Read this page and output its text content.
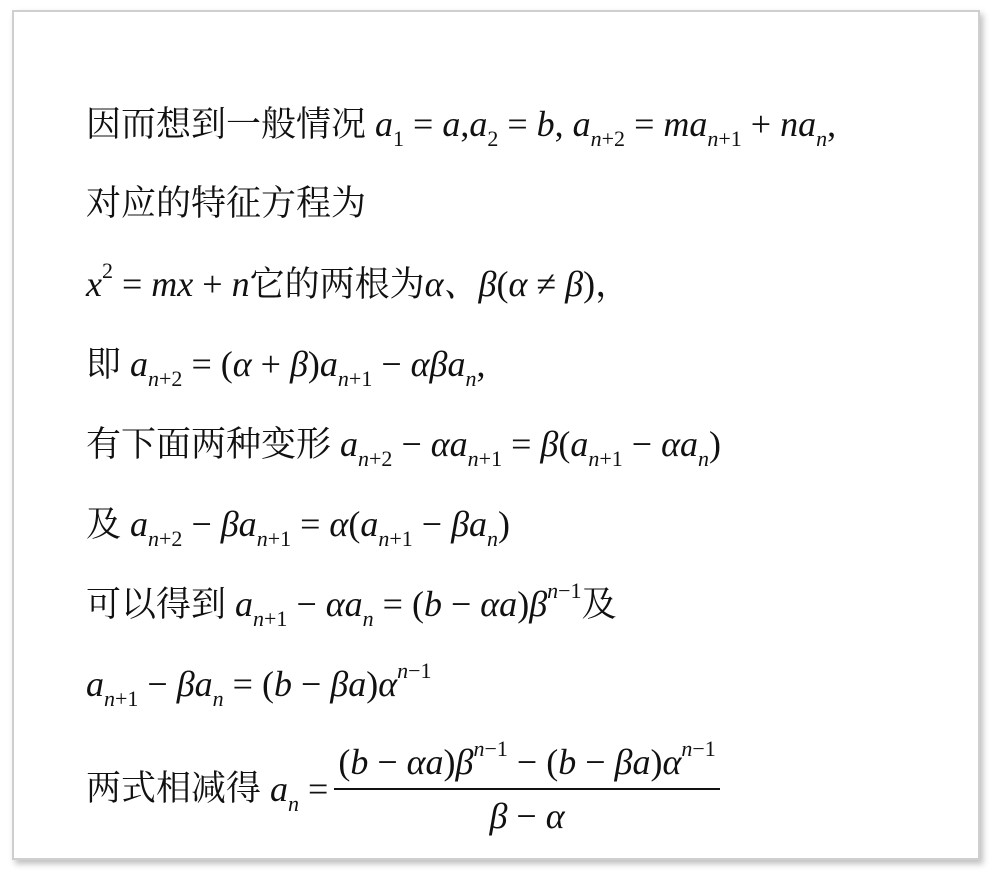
因而想到一般情况 $a_1 = a,a_2 = b$, $a_{n+2} = ma_{n+1} + na_n$,
对应的特征方程为
$x^2$ = mx + n它的两根为α、β(α ≠ β)，
即 $a_{n+2} = (\alpha + \beta)a_{n+1} - \alpha\beta a_n$,
有下面两种变形 $a_{n+2} - \alpha a_{n+1} = \beta(a_{n+1} - \alpha a_n)$
及 $a_{n+2} - \beta a_{n+1} = \alpha(a_{n+1} - \beta a_n)$
可以得到 $a_{n+1} - \alpha a_n = (b - \alpha a)\beta^{n-1}$及
$a_{n+1} - \beta a_n = (b - \beta a)\alpha^{n-1}$
两式相减得 $a_n = \frac{(b - \alpha a)\beta^{n-1} - (b - \beta a)\alpha^{n-1}}{\beta - \alpha}$
